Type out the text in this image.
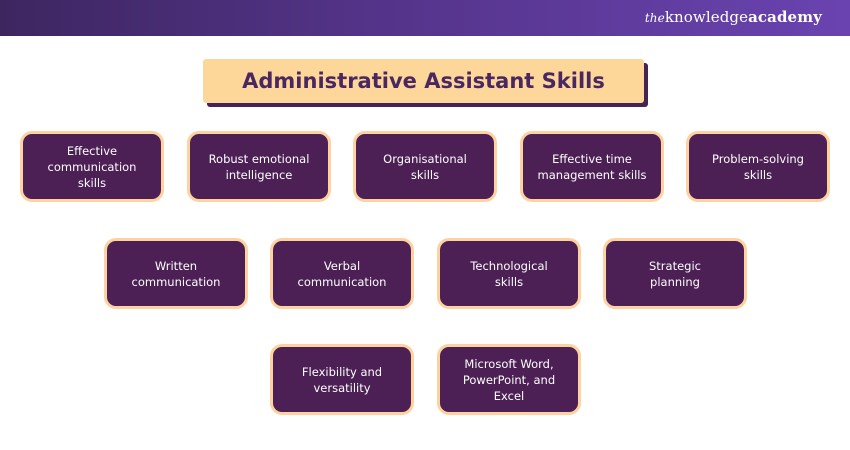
theknowledgeacademy
Administrative Assistant Skills
Effective
communication
skills
Robust emotional
intelligence
Organisational
skills
Effective time
management skills
Problem-solving
skills
Written
communication
Verbal
communication
Technological
skills
Strategic
planning
Flexibility and
versatility
Microsoft Word,
PowerPoint, and
Excel
